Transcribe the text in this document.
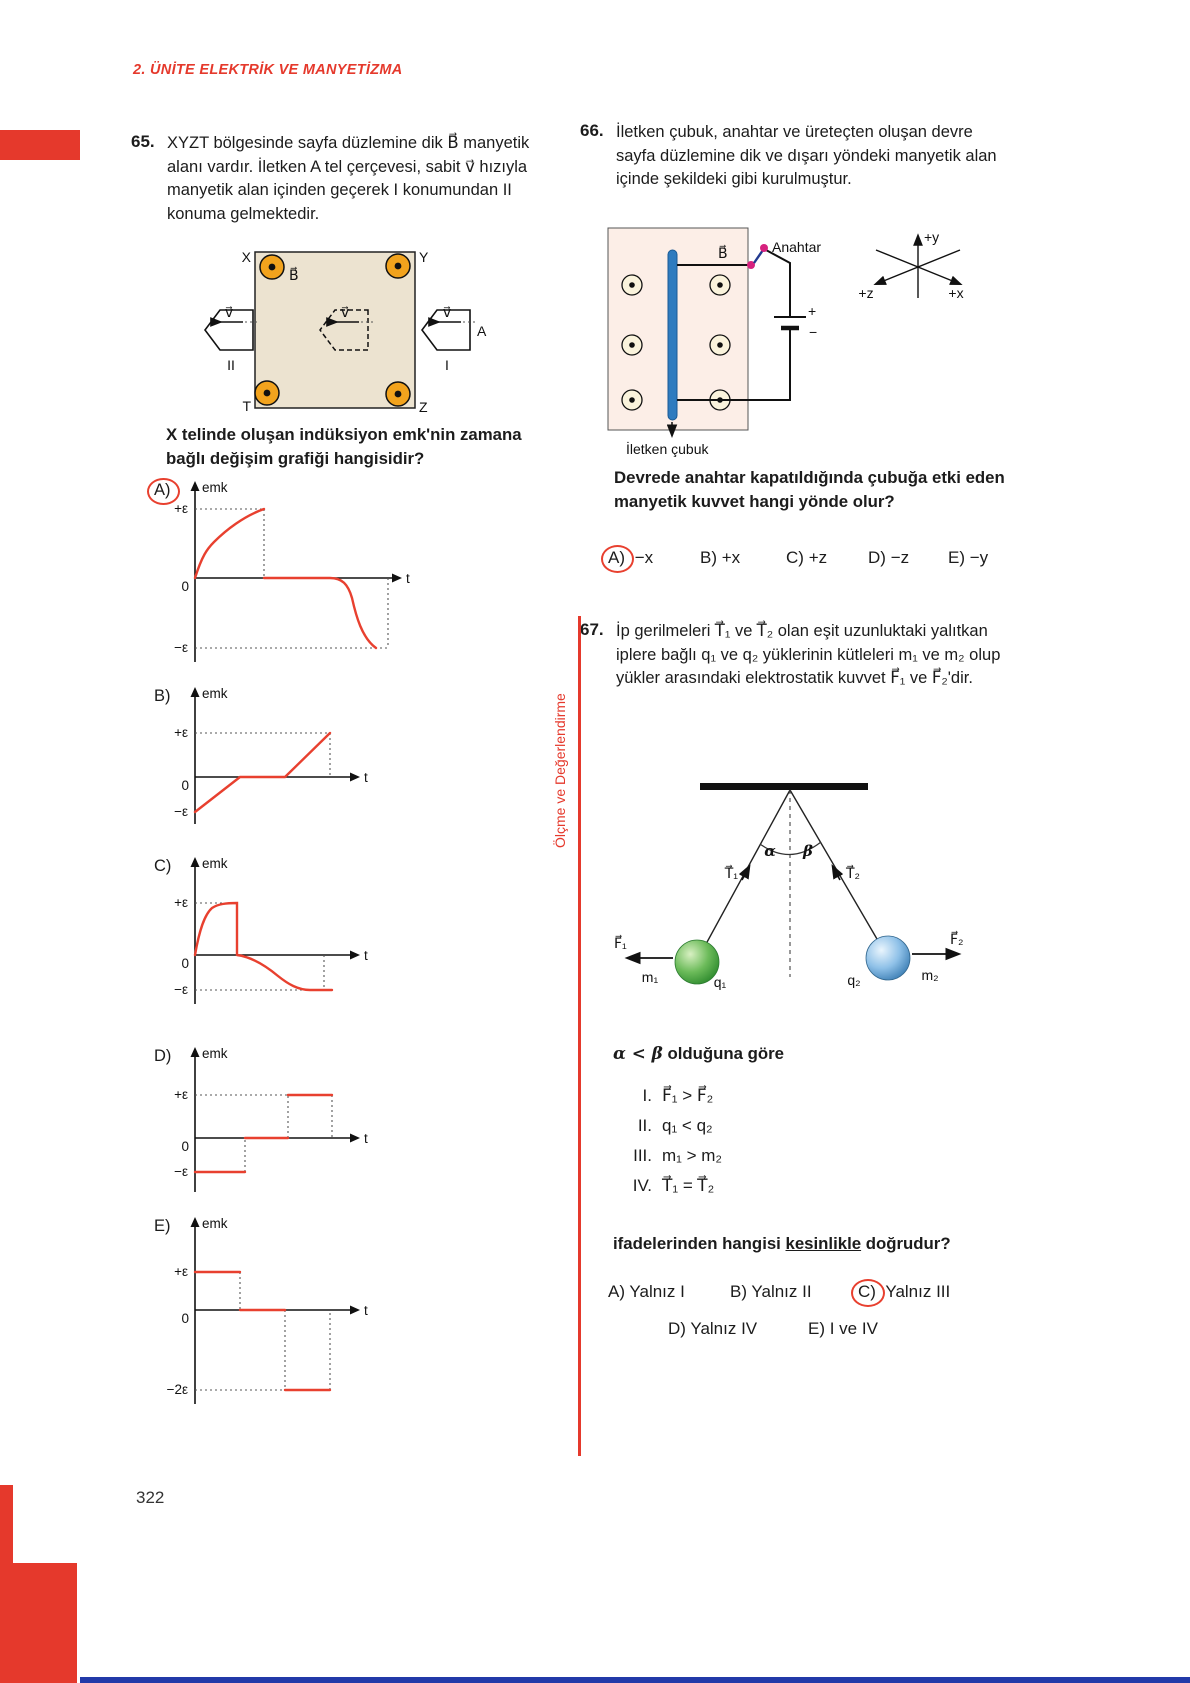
2. ÜNİTE ELEKTRİK VE MANYETİZMA
65. XYZT bölgesinde sayfa düzlemine dik B⃗ manyetik alanı vardır. İletken A tel çerçevesi, sabit v⃗ hızıyla manyetik alan içinden geçerek I konumundan II konuma gelmektedir.

X	Y
T	Z
B⃗
v⃗	v⃗	v⃗
A
II	I
X telinde oluşan indüksiyon emk'nin zamana bağlı değişim grafiği hangisidir?
A)	emk
t
+ε
0
−ε
B) emk
t
+ε
0
−ε
C) emk
t
+ε
0
−ε
D) emk
t
+ε
0
−ε
E) emk
t
+ε
0
−2ε
66. İletken çubuk, anahtar ve üreteçten oluşan devre sayfa düzlemine dik ve dışarı yöndeki manyetik alan içinde şekildeki gibi kurulmuştur.

B⃗	Anahtar
+
−
İletken çubuk
+y
+z	+x
Devrede anahtar kapatıldığında çubuğa etki eden manyetik kuvvet hangi yönde olur?
A) −x	B) +x	C) +z D) −z E) −y
67. İp gerilmeleri T⃗₁ ve T⃗₂ olan eşit uzunluktaki yalıtkan iplere bağlı q₁ ve q₂ yüklerinin kütleleri m₁ ve m₂ olup yükler arasındaki elektrostatik kuvvet F⃗₁ ve F⃗₂'dir.

α β
T⃗₁	T⃗₂
F⃗₁	F⃗₂
m₁	q₁	q₂	m₂
α < β olduğuna göre
I. F⃗₁ > F⃗₂
II. q₁ < q₂
III. m₁ > m₂
IV. T⃗₁ = T⃗₂
ifadelerinden hangisi kesinlikle doğrudur?
A) Yalnız I	B) Yalnız II	C) Yalnız III
D) Yalnız IV	E) I ve IV
Ölçme ve Değerlendirme
322
